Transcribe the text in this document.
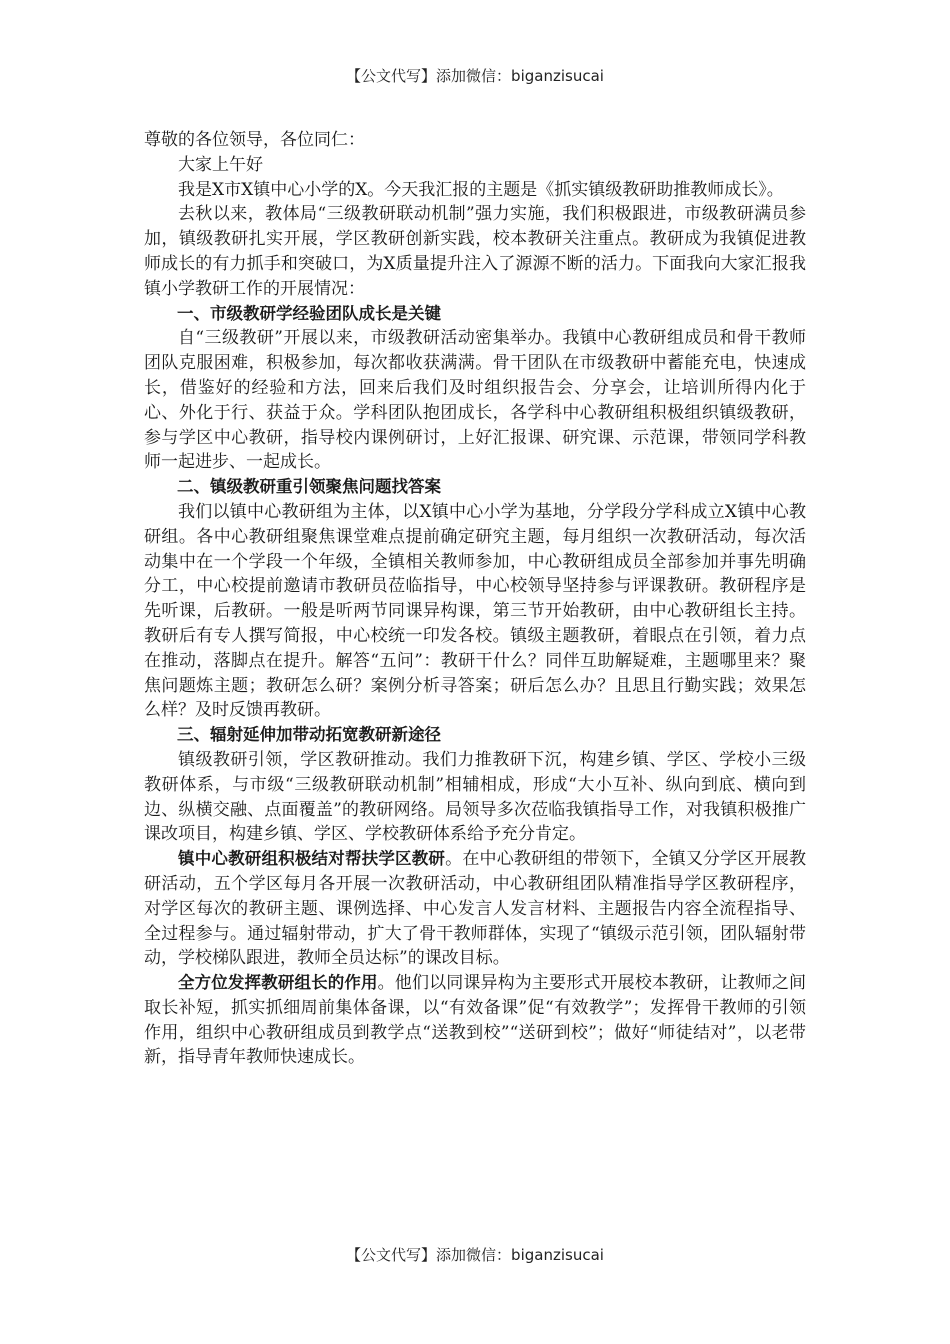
【公文代写】添加微信：biganzisucai

尊敬的各位领导，各位同仁：

大家上午好

我是X市X镇中心小学的X。今天我汇报的主题是《抓实镇级教研助推教师成长》。

去秋以来，教体局“三级教研联动机制”强力实施，我们积极跟进，市级教研满员参加，镇级教研扎实开展，学区教研创新实践，校本教研关注重点。教研成为我镇促进教师成长的有力抓手和突破口，为X质量提升注入了源源不断的活力。下面我向大家汇报我镇小学教研工作的开展情况：

一、市级教研学经验团队成长是关键

自“三级教研”开展以来，市级教研活动密集举办。我镇中心教研组成员和骨干教师团队克服困难，积极参加，每次都收获满满。骨干团队在市级教研中蓄能充电，快速成长，借鉴好的经验和方法，回来后我们及时组织报告会、分享会，让培训所得内化于心、外化于行、获益于众。学科团队抱团成长，各学科中心教研组积极组织镇级教研，参与学区中心教研，指导校内课例研讨，上好汇报课、研究课、示范课，带领同学科教师一起进步、一起成长。

二、镇级教研重引领聚焦问题找答案

我们以镇中心教研组为主体，以X镇中心小学为基地，分学段分学科成立X镇中心教研组。各中心教研组聚焦课堂难点提前确定研究主题，每月组织一次教研活动，每次活动集中在一个学段一个年级，全镇相关教师参加，中心教研组成员全部参加并事先明确分工，中心校提前邀请市教研员莅临指导，中心校领导坚持参与评课教研。教研程序是先听课，后教研。一般是听两节同课异构课，第三节开始教研，由中心教研组长主持。教研后有专人撰写简报，中心校统一印发各校。镇级主题教研，着眼点在引领，着力点在推动，落脚点在提升。解答“五问”：教研干什么？同伴互助解疑难，主题哪里来？聚焦问题炼主题；教研怎么研？案例分析寻答案；研后怎么办？且思且行勤实践；效果怎么样？及时反馈再教研。

三、辐射延伸加带动拓宽教研新途径

镇级教研引领，学区教研推动。我们力推教研下沉，构建乡镇、学区、学校小三级教研体系，与市级“三级教研联动机制”相辅相成，形成“大小互补、纵向到底、横向到边、纵横交融、点面覆盖”的教研网络。局领导多次莅临我镇指导工作，对我镇积极推广课改项目，构建乡镇、学区、学校教研体系给予充分肯定。

镇中心教研组积极结对帮扶学区教研。在中心教研组的带领下，全镇又分学区开展教研活动，五个学区每月各开展一次教研活动，中心教研组团队精准指导学区教研程序，对学区每次的教研主题、课例选择、中心发言人发言材料、主题报告内容全流程指导、全过程参与。通过辐射带动，扩大了骨干教师群体，实现了“镇级示范引领，团队辐射带动，学校梯队跟进，教师全员达标”的课改目标。

全方位发挥教研组长的作用。他们以同课异构为主要形式开展校本教研，让教师之间取长补短，抓实抓细周前集体备课，以“有效备课”促“有效教学”；发挥骨干教师的引领作用，组织中心教研组成员到教学点“送教到校”“送研到校”；做好“师徒结对”，以老带新，指导青年教师快速成长。

【公文代写】添加微信：biganzisucai
